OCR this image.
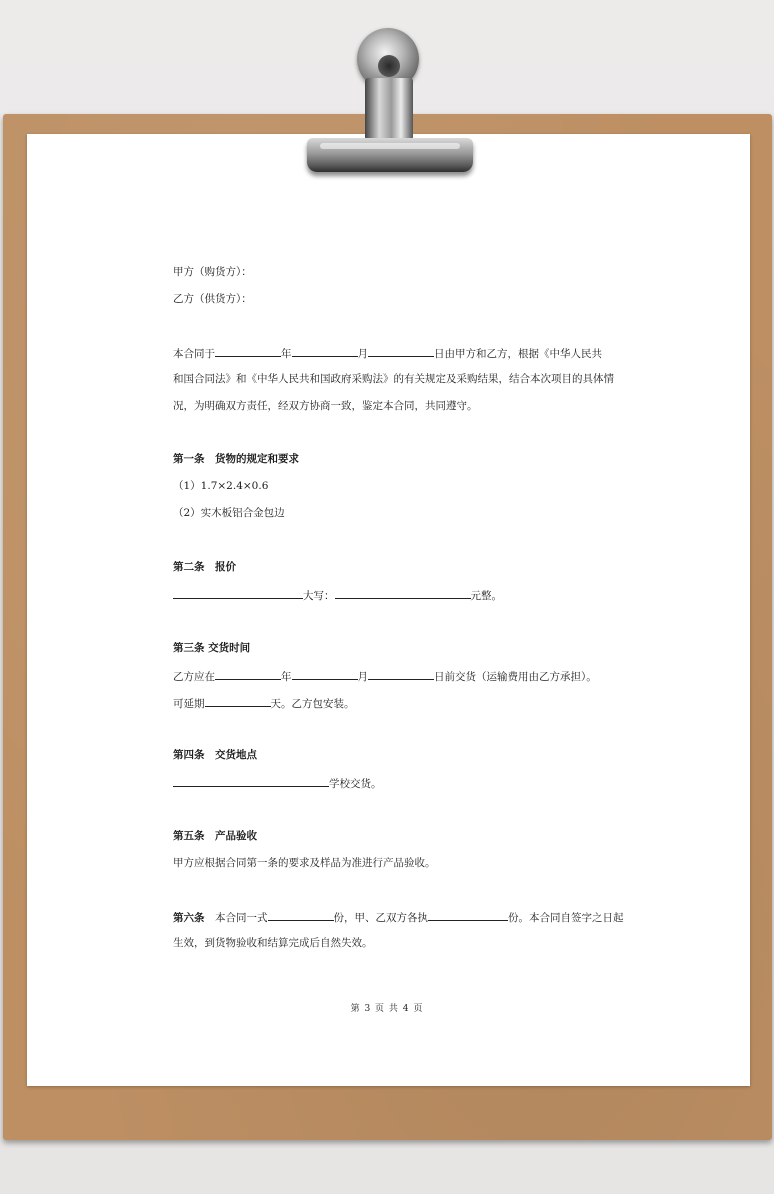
甲方（购货方）：
乙方（供货方）：
本合同于	年	月	日由甲方和乙方，根据《中华人民共
和国合同法》和《中华人民共和国政府采购法》的有关规定及采购结果，结合本次项目的具体情
况，为明确双方责任，经双方协商一致，鉴定本合同，共同遵守。
第一条　货物的规定和要求
（1）1.7×2.4×0.6
（2）实木板铝合金包边
第二条　报价
大写：	元整。
第三条 交货时间
乙方应在	年	月	日前交货（运输费用由乙方承担）。
可延期	天。乙方包安装。
第四条　交货地点
学校交货。
第五条　产品验收
甲方应根据合同第一条的要求及样品为准进行产品验收。
第六条　本合同一式	份，甲、乙双方各执	份。本合同自签字之日起
生效，到货物验收和结算完成后自然失效。
第 3 页 共 4 页
